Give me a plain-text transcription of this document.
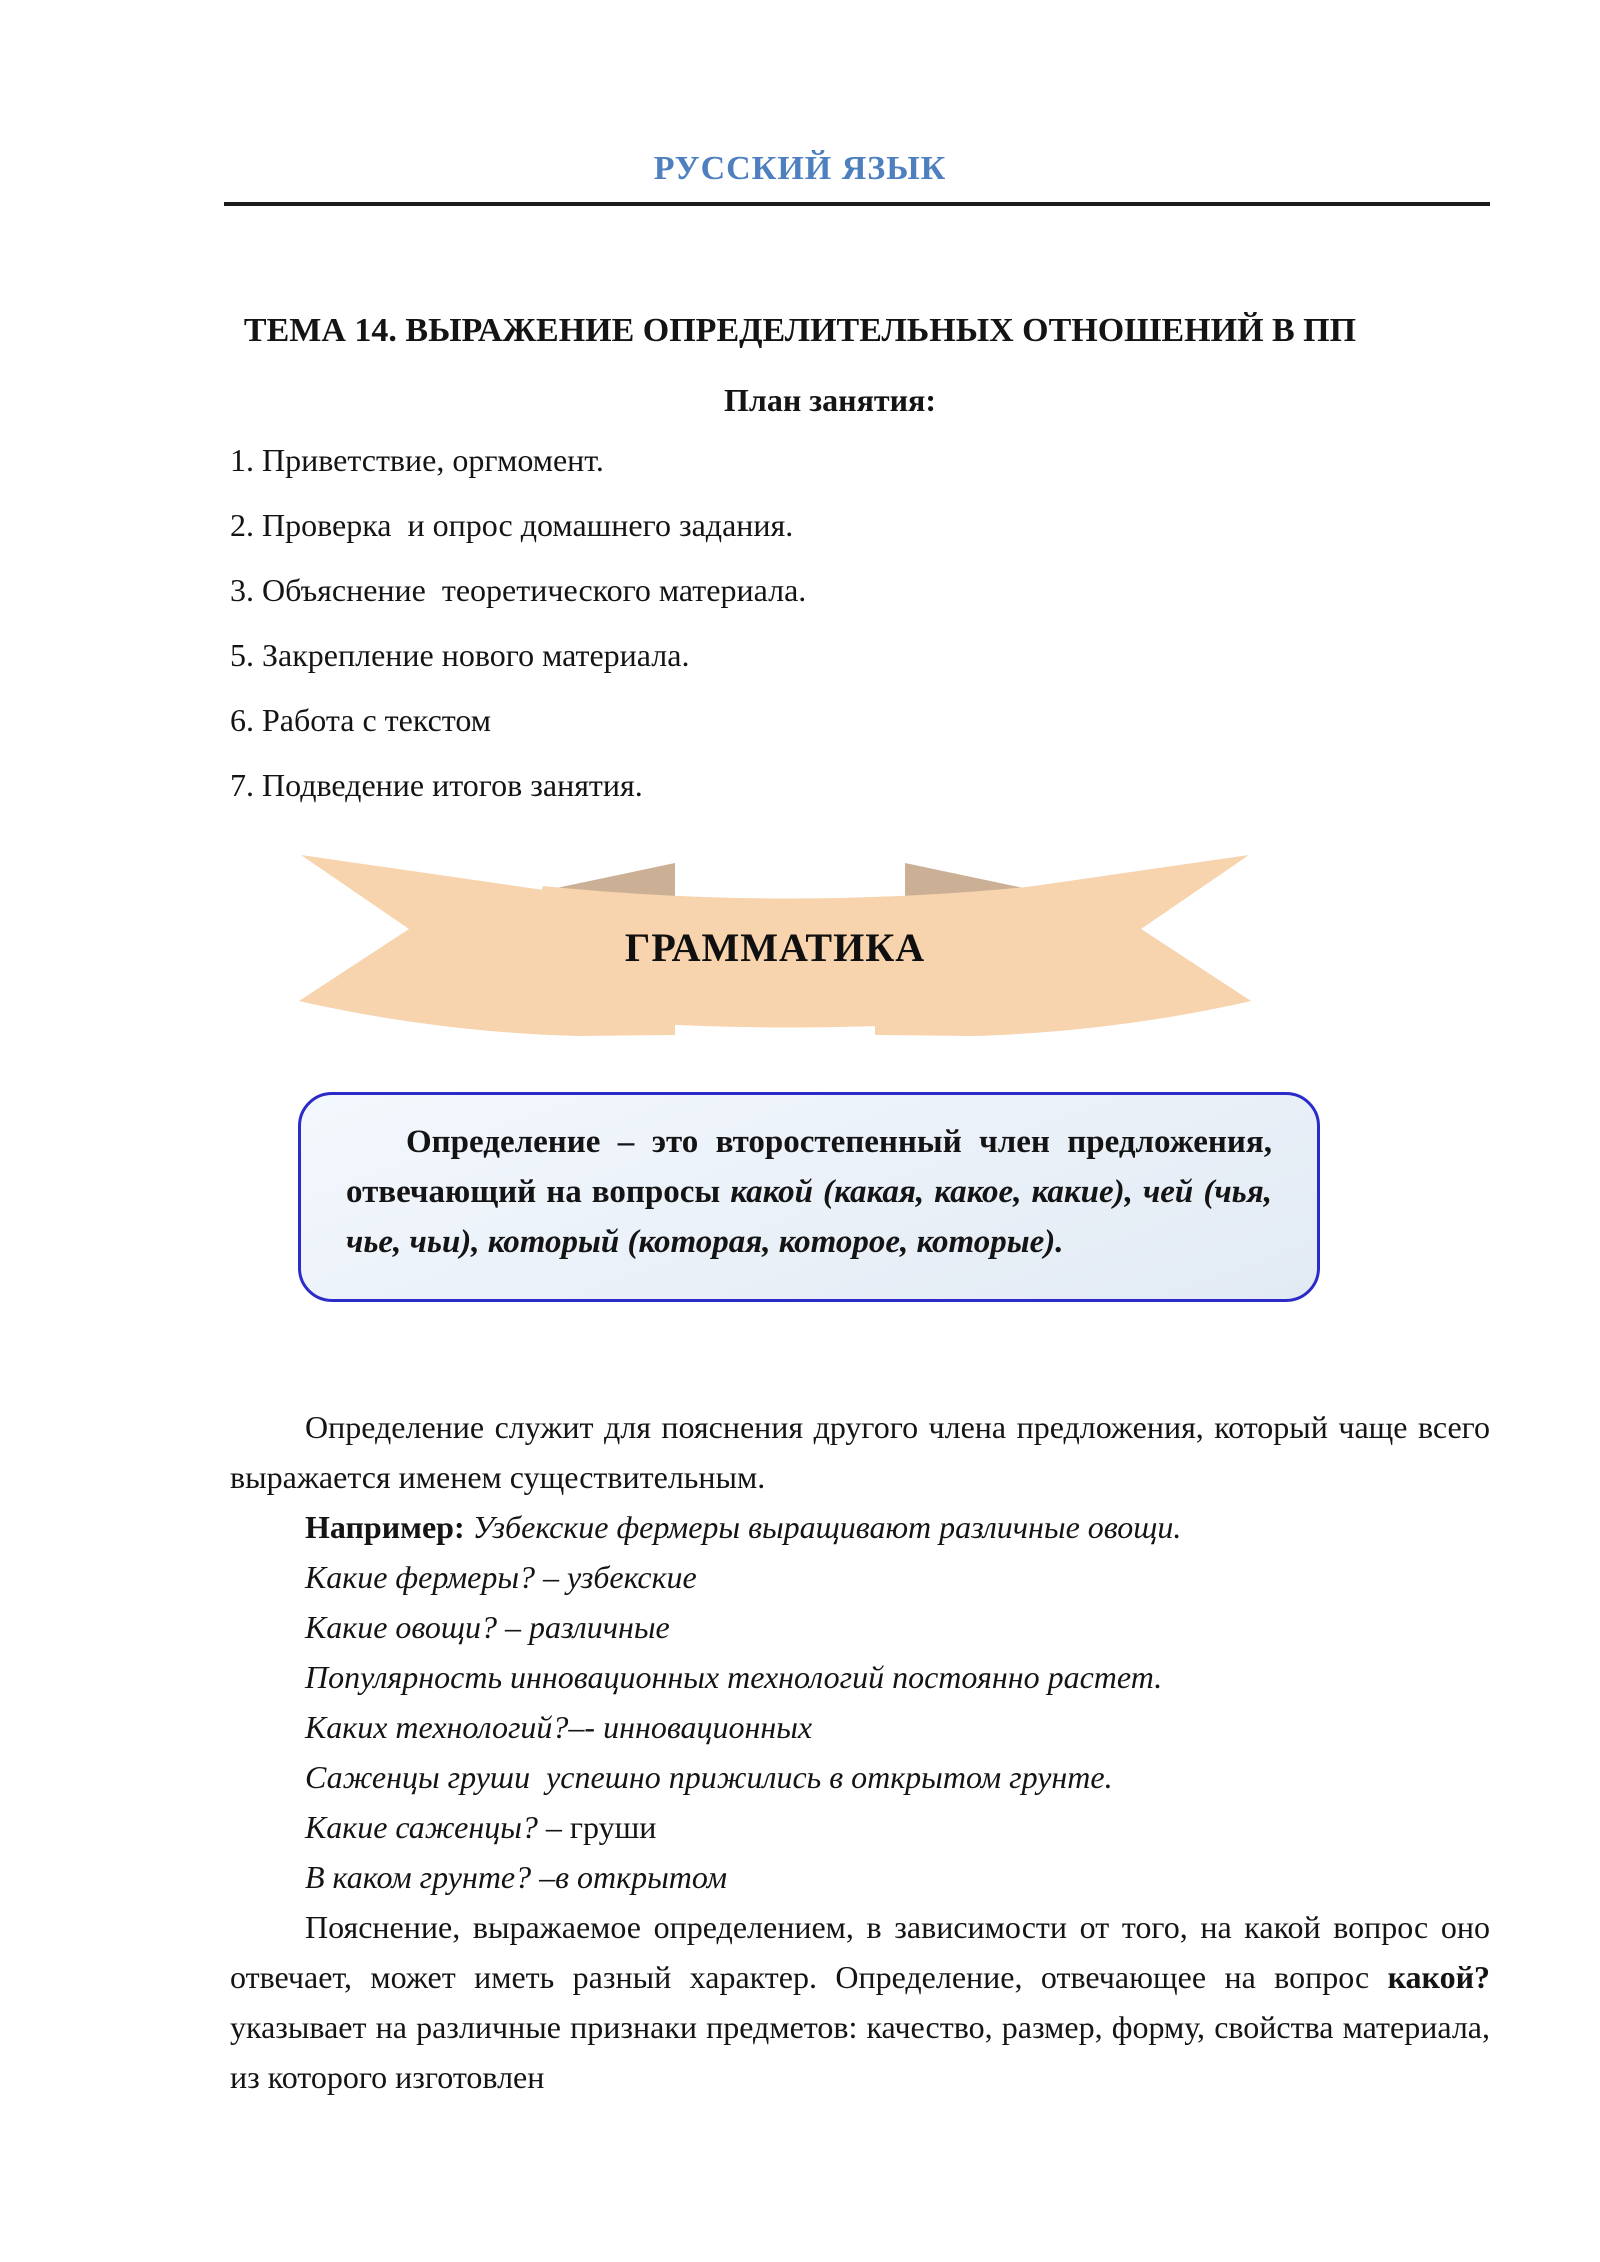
РУССКИЙ ЯЗЫК
ТЕМА 14. ВЫРАЖЕНИЕ ОПРЕДЕЛИТЕЛЬНЫХ ОТНОШЕНИЙ В ПП
План занятия:
1. Приветствие, оргмомент.
2. Проверка  и опрос домашнего задания.
3. Объяснение  теоретического материала.
5. Закрепление нового материала.
6. Работа с текстом
7. Подведение итогов занятия.
ГРАММАТИКА

Определение – это второстепенный член предложения, отвечающий на вопросы какой (какая, какое, какие), чей (чья, чье, чьи), который (которая, которое, которые).

Определение служит для пояснения другого члена предложения, который чаще всего выражается именем существительным.

Например: Узбекские фермеры выращивают различные овощи.

Какие фермеры? – узбекские

Какие овощи? – различные

Популярность инновационных технологий постоянно растет.

Каких технологий?–- инновационных

Саженцы груши  успешно прижились в открытом грунте.

Какие саженцы? – груши

В каком грунте? –в открытом

Пояснение, выражаемое определением, в зависимости от того, на какой вопрос оно отвечает, может иметь разный характер. Определение, отвечающее на вопрос какой? указывает на различные признаки предметов: качество, размер, форму, свойства материала, из которого изготовлен
